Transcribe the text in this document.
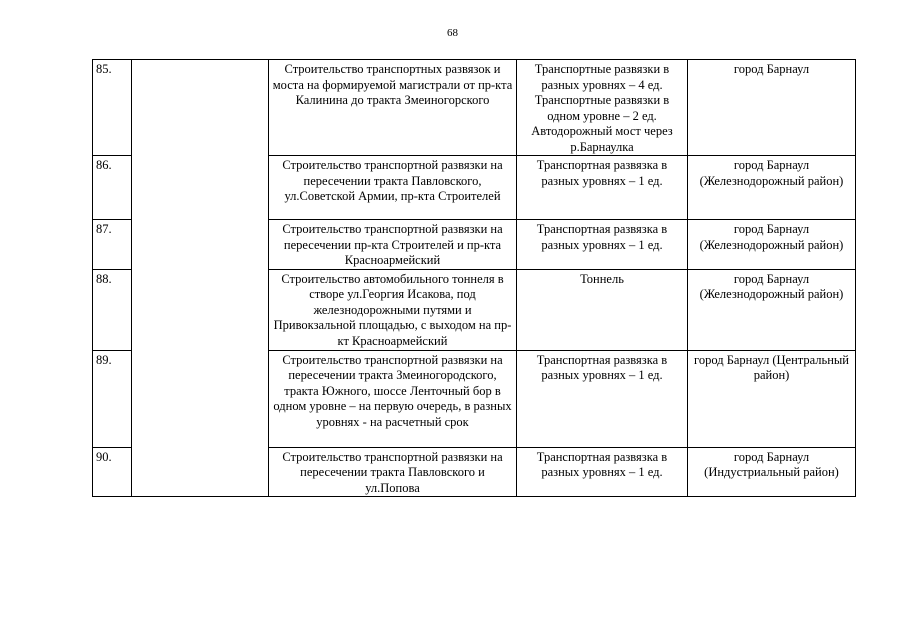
68
85.		Строительство транспортных развязок и моста на формируемой магистрали от пр-кта Калинина до тракта Змеиногорского	Транспортные развязки в разных уровнях – 4 ед. Транспортные развязки в одном уровне – 2 ед. Автодорожный мост через р.Барнаулка	город Барнаул
86.		Строительство транспортной развязки на пересечении тракта Павловского, ул.Советской Армии, пр-кта Строителей	Транспортная развязка в разных уровнях – 1 ед.	город Барнаул (Железнодорожный район)
87.		Строительство транспортной развязки на пересечении пр-кта Строителей и пр-кта Красноармейский	Транспортная развязка в разных уровнях – 1 ед.	город Барнаул (Железнодорожный район)
88.		Строительство автомобильного тоннеля в створе ул.Георгия Исакова, под железнодорожными путями и Привокзальной площадью, с выходом на пр-кт Красноармейский	Тоннель	город Барнаул (Железнодорожный район)
89.		Строительство транспортной развязки на пересечении тракта Змеиногородского, тракта Южного, шоссе Ленточный бор в одном уровне – на первую очередь, в разных уровнях - на расчетный срок	Транспортная развязка в разных уровнях – 1 ед.	город Барнаул (Центральный район)
90.		Строительство транспортной развязки на пересечении тракта Павловского и ул.Попова	Транспортная развязка в разных уровнях – 1 ед.	город Барнаул (Индустриальный район)
